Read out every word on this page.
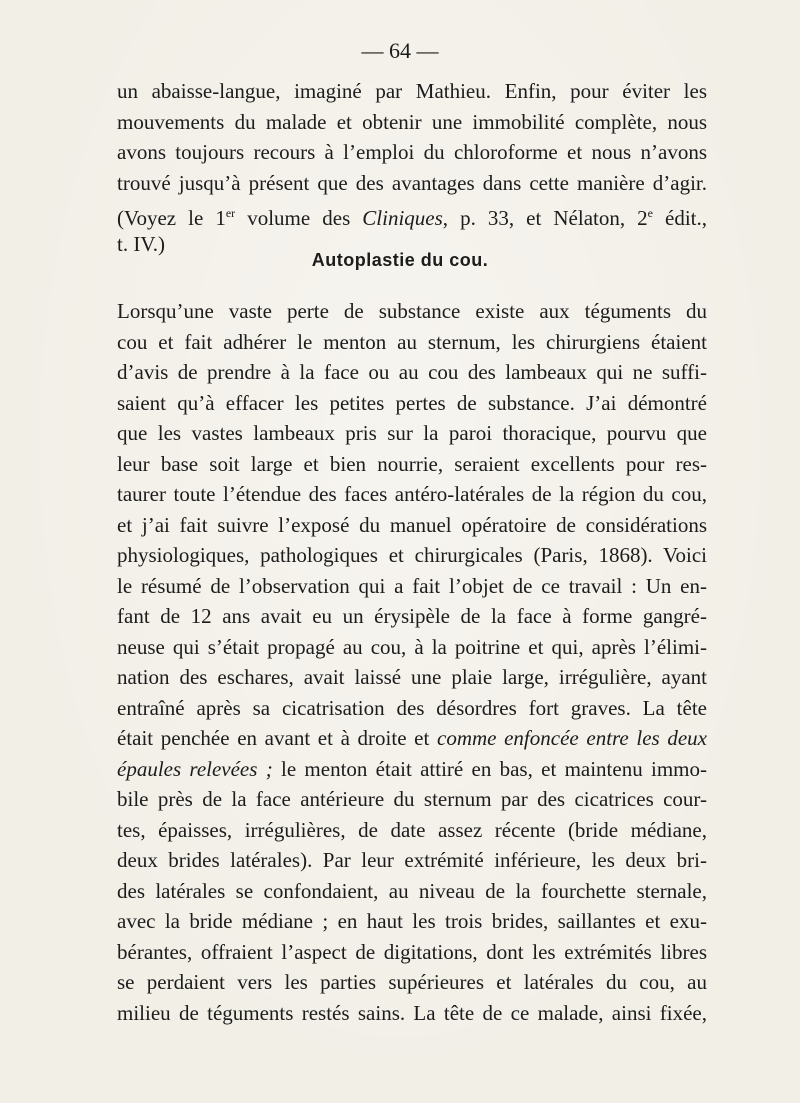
— 64 —
un abaisse-langue, imaginé par Mathieu. Enfin, pour éviter les
mouvements du malade et obtenir une immobilité complète, nous
avons toujours recours à l’emploi du chloroforme et nous n’avons
trouvé jusqu’à présent que des avantages dans cette manière d’agir.
(Voyez le 1er volume des Cliniques, p. 33, et Nélaton, 2e édit.,
t. IV.)
Autoplastie du cou.
Lorsqu’une vaste perte de substance existe aux téguments du
cou et fait adhérer le menton au sternum, les chirurgiens étaient
d’avis de prendre à la face ou au cou des lambeaux qui ne suffi-
saient qu’à effacer les petites pertes de substance. J’ai démontré
que les vastes lambeaux pris sur la paroi thoracique, pourvu que
leur base soit large et bien nourrie, seraient excellents pour res-
taurer toute l’étendue des faces antéro-latérales de la région du cou,
et j’ai fait suivre l’exposé du manuel opératoire de considérations
physiologiques, pathologiques et chirurgicales (Paris, 1868). Voici
le résumé de l’observation qui a fait l’objet de ce travail : Un en-
fant de 12 ans avait eu un érysipèle de la face à forme gangré-
neuse qui s’était propagé au cou, à la poitrine et qui, après l’élimi-
nation des eschares, avait laissé une plaie large, irrégulière, ayant
entraîné après sa cicatrisation des désordres fort graves. La tête
était penchée en avant et à droite et comme enfoncée entre les deux
épaules relevées ; le menton était attiré en bas, et maintenu immo-
bile près de la face antérieure du sternum par des cicatrices cour-
tes, épaisses, irrégulières, de date assez récente (bride médiane,
deux brides latérales). Par leur extrémité inférieure, les deux bri-
des latérales se confondaient, au niveau de la fourchette sternale,
avec la bride médiane ; en haut les trois brides, saillantes et exu-
bérantes, offraient l’aspect de digitations, dont les extrémités libres
se perdaient vers les parties supérieures et latérales du cou, au
milieu de téguments restés sains. La tête de ce malade, ainsi fixée,
